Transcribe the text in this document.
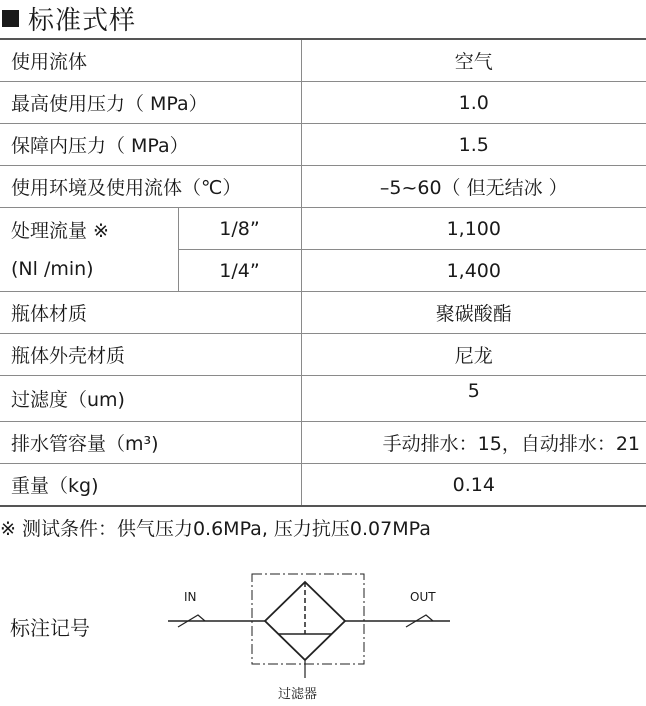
标准式样
使用流体		空气
最高使用压力（ MPa）		1.0
保障内压力（ MPa）		1.5
使用环境及使用流体（℃）		–5~60（ 但无结冰 ）

处理流量 ※
(Nl /min)	1/8”	1,100
	1/4”	1,400
瓶体材质		聚碳酸酯
瓶体外壳材质		尼龙
过滤度（um)		5
排水管容量（m³)		手动排水：15，自动排水：21
重量（kg)		0.14
※ 测试条件：供气压力0.6MPa, 压力抗压0.07MPa
标注记号
IN	OUT
过滤器
